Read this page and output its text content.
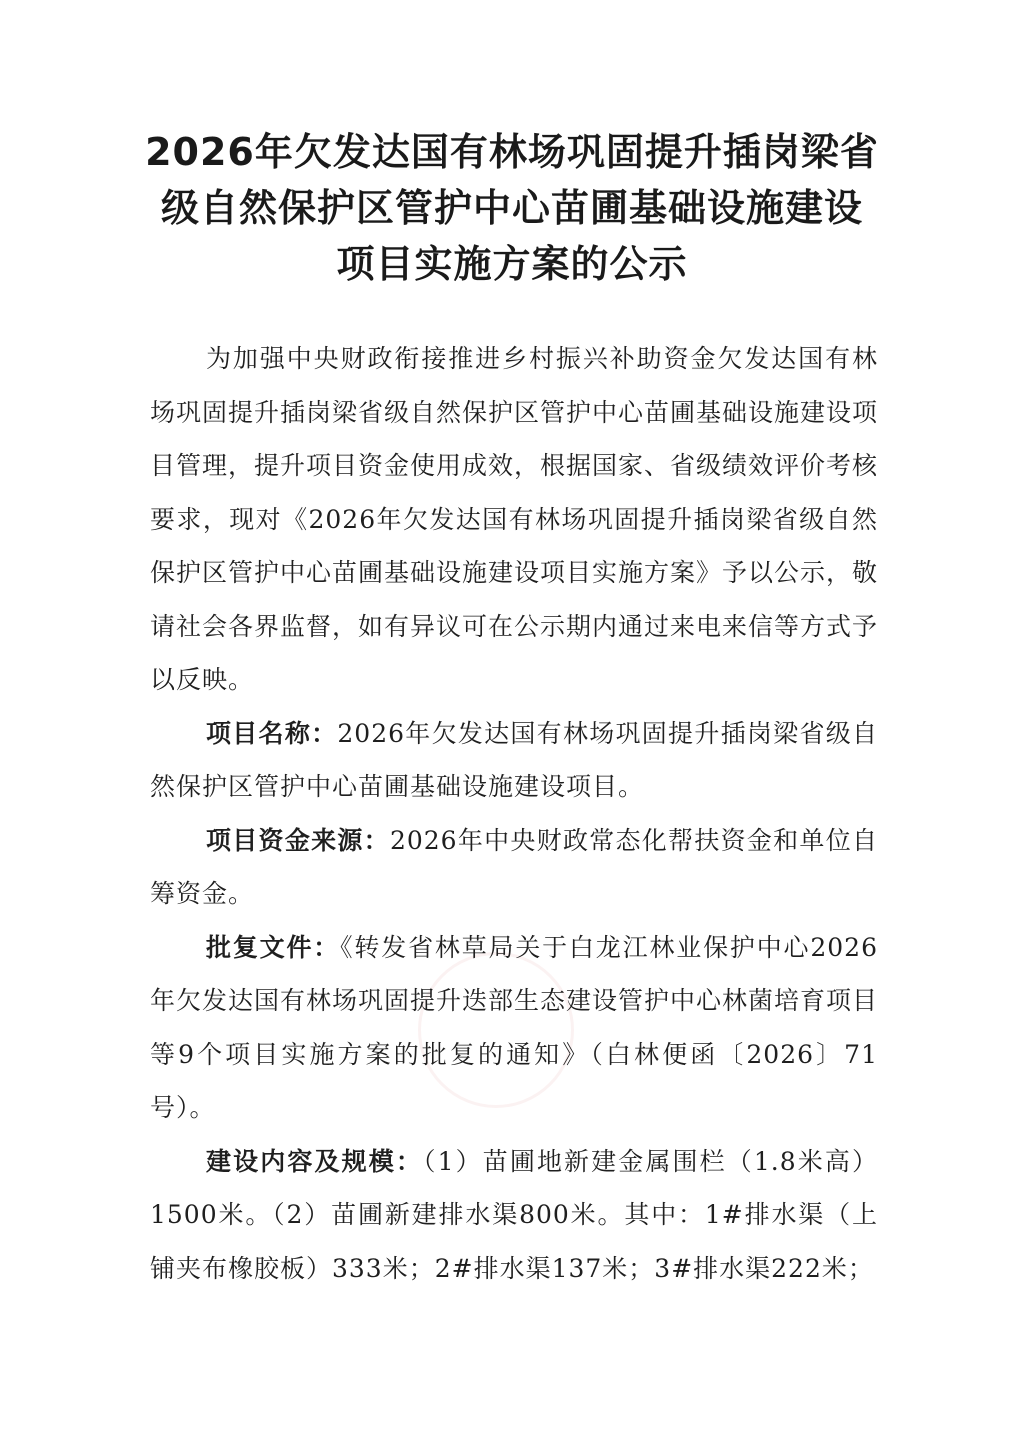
2026年欠发达国有林场巩固提升插岗梁省
级自然保护区管护中心苗圃基础设施建设
项目实施方案的公示

为加强中央财政衔接推进乡村振兴补助资金欠发达国有林场巩固提升插岗梁省级自然保护区管护中心苗圃基础设施建设项目管理，提升项目资金使用成效，根据国家、省级绩效评价考核要求，现对《2026年欠发达国有林场巩固提升插岗梁省级自然保护区管护中心苗圃基础设施建设项目实施方案》予以公示，敬请社会各界监督，如有异议可在公示期内通过来电来信等方式予以反映。

项目名称：2026年欠发达国有林场巩固提升插岗梁省级自然保护区管护中心苗圃基础设施建设项目。

项目资金来源：2026年中央财政常态化帮扶资金和单位自筹资金。

批复文件：《转发省林草局关于白龙江林业保护中心2026年欠发达国有林场巩固提升迭部生态建设管护中心林菌培育项目等9个项目实施方案的批复的通知》（白林便函〔2026〕71号）。

建设内容及规模：（1）苗圃地新建金属围栏（1.8米高）1500米。（2）苗圃新建排水渠800米。其中：1#排水渠（上铺夹布橡胶板）333米；2#排水渠137米；3#排水渠222米；
